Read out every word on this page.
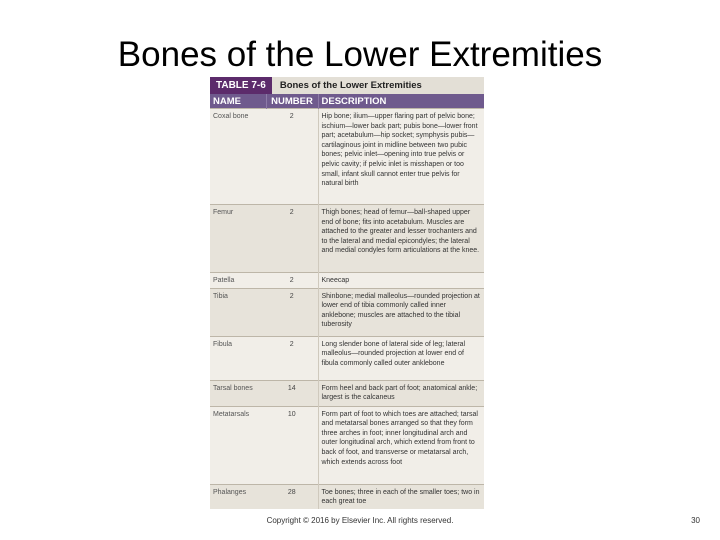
Bones of the Lower Extremities
TABLE 7-6	Bones of the Lower Extremities
NAME	NUMBER	DESCRIPTION
Coxal bone	2	Hip bone; ilium—upper flaring part of pelvic bone; ischium—lower back part; pubis bone—lower front part; acetabulum—hip socket; symphysis pubis—cartilaginous joint in midline between two pubic bones; pelvic inlet—opening into true pelvis or pelvic cavity; if pelvic inlet is misshapen or too small, infant skull cannot enter true pelvis for natural birth
Femur	2	Thigh bones; head of femur—ball-shaped upper end of bone; fits into acetabulum. Muscles are attached to the greater and lesser trochanters and to the lateral and medial epicondyles; the lateral and medial condyles form articulations at the knee.
Patella	2	Kneecap
Tibia	2	Shinbone; medial malleolus—rounded projection at lower end of tibia commonly called inner anklebone; muscles are attached to the tibial tuberosity
Fibula	2	Long slender bone of lateral side of leg; lateral malleolus—rounded projection at lower end of fibula commonly called outer anklebone
Tarsal bones	14	Form heel and back part of foot; anatomical ankle; largest is the calcaneus
Metatarsals	10	Form part of foot to which toes are attached; tarsal and metatarsal bones arranged so that they form three arches in foot; inner longitudinal arch and outer longitudinal arch, which extend from front to back of foot, and transverse or metatarsal arch, which extends across foot
Phalanges	28	Toe bones; three in each of the smaller toes; two in each great toe
Copyright © 2016 by Elsevier Inc. All rights reserved.	30
